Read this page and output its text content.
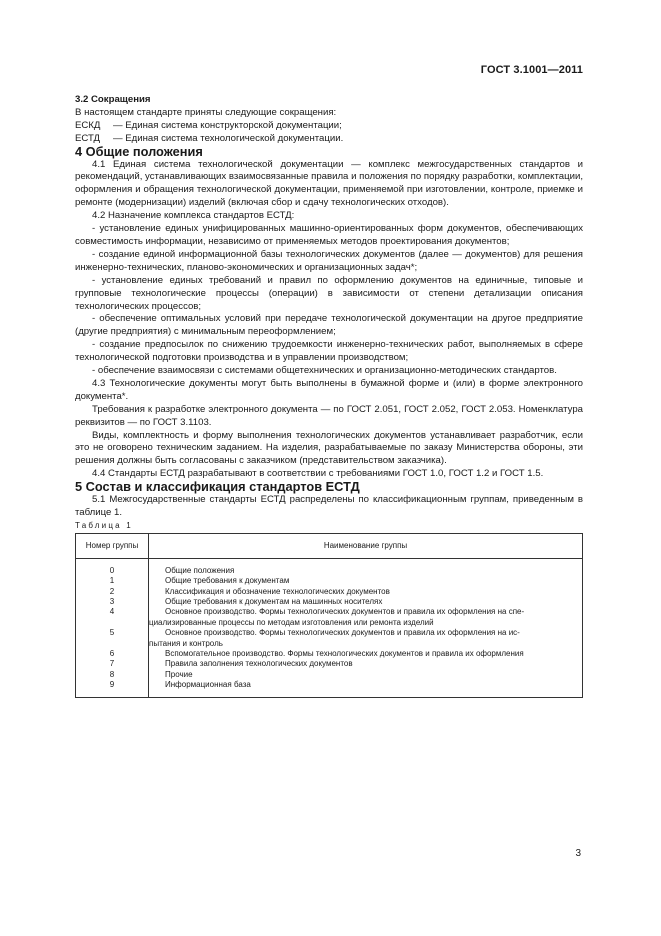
ГОСТ 3.1001—2011

3.2 Сокращения

В настоящем стандарте приняты следующие сокращения:

ЕСКД — Единая система конструкторской документации;

ЕСТД — Единая система технологической документации.

4 Общие положения

4.1 Единая система технологической документации — комплекс межгосударственных стандартов и рекомендаций, устанавливающих взаимосвязанные правила и положения по порядку разработки, комплектации, оформления и обращения технологической документации, применяемой при изготовлении, контроле, приемке и ремонте (модернизации) изделий (включая сбор и сдачу технологических отходов).

4.2 Назначение комплекса стандартов ЕСТД:

- установление единых унифицированных машинно-ориентированных форм документов, обеспечивающих совместимость информации, независимо от применяемых методов проектирования документов;

- создание единой информационной базы технологических документов (далее — документов) для решения инженерно-технических, планово-экономических и организационных задач*;

- установление единых требований и правил по оформлению документов на единичные, типовые и групповые технологические процессы (операции) в зависимости от степени детализации описания технологических процессов;

- обеспечение оптимальных условий при передаче технологической документации на другое предприятие (другие предприятия) с минимальным переоформлением;

- создание предпосылок по снижению трудоемкости инженерно-технических работ, выполняемых в сфере технологической подготовки производства и в управлении производством;

- обеспечение взаимосвязи с системами общетехнических и организационно-методических стандартов.

4.3 Технологические документы могут быть выполнены в бумажной форме и (или) в форме электронного документа*.

Требования к разработке электронного документа — по ГОСТ 2.051, ГОСТ 2.052, ГОСТ 2.053. Номенклатура реквизитов — по ГОСТ 3.1103.

Виды, комплектность и форму выполнения технологических документов устанавливает разработчик, если это не оговорено техническим заданием. На изделия, разрабатываемые по заказу Министерства обороны, эти решения должны быть согласованы с заказчиком (представительством заказчика).

4.4 Стандарты ЕСТД разрабатывают в соответствии с требованиями ГОСТ 1.0, ГОСТ 1.2 и ГОСТ 1.5.

5 Состав и классификация стандартов ЕСТД

5.1 Межгосударственные стандарты ЕСТД распределены по классификационным группам, приведенным в таблице 1.

Таблица 1

Номер группы	Наименование группы
0	Общие положения

1	Общие требования к документам

2	Классификация и обозначение технологических документов

3	Общие требования к документам на машинных носителях

4	Основное производство. Формы технологических документов и правила их оформления на спе-
циализированные процессы по методам изготовления или ремонта изделий

5	Основное производство. Формы технологических документов и правила их оформления на ис-
пытания и контроль

6	Вспомогательное производство. Формы технологических документов и правила их оформления

7	Правила заполнения технологических документов

8	Прочие

9	Информационная база
3
